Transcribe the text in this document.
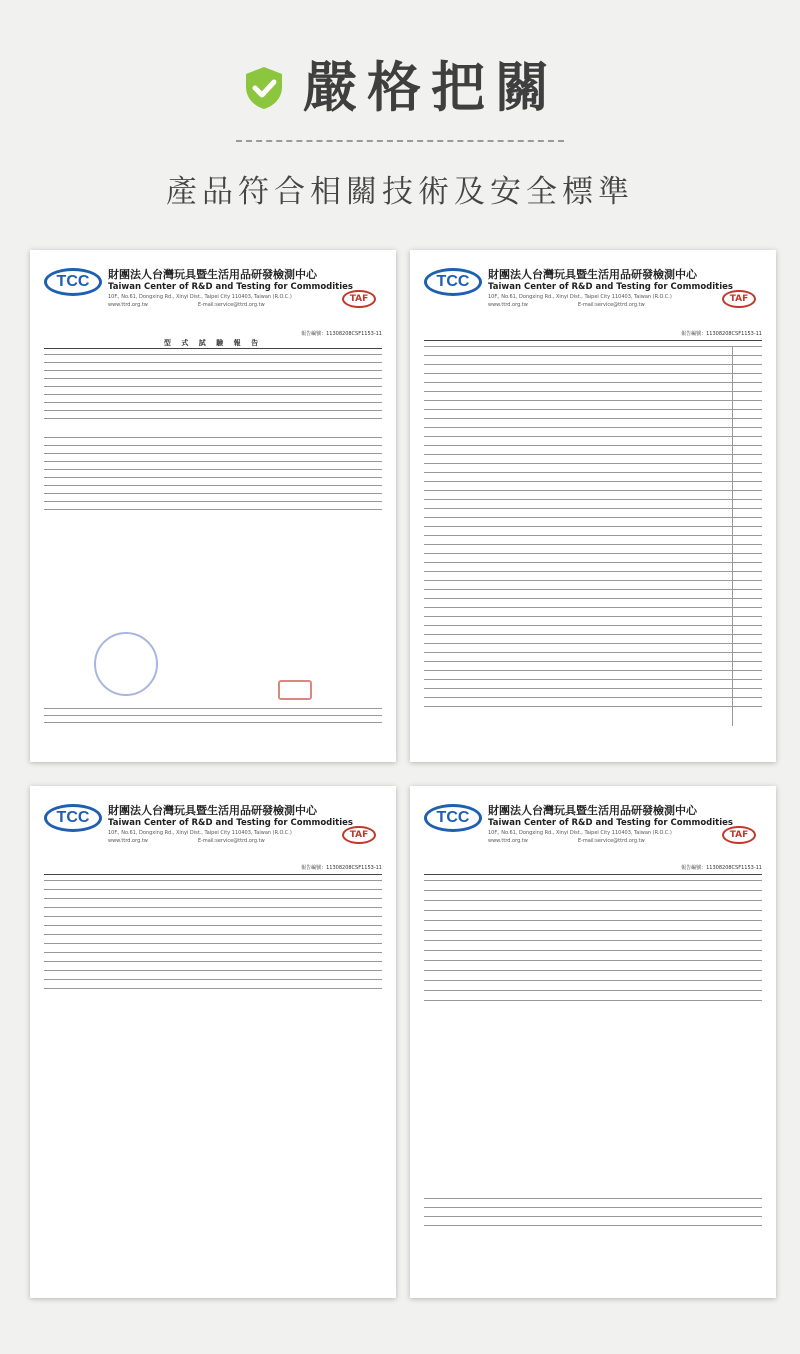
嚴格把關
產品符合相關技術及安全標準
TCC	財團法人台灣玩具暨生活用品研發檢測中心
Taiwan Center of R&D and Testing for Commodities
10F., No.61, Dongxing Rd., Xinyi Dist., Taipei City 110403, Taiwan (R.O.C.)
www.ttrd.org.tw	E-mail:service@ttrd.org.tw
TAF
報告編號：11308208CSF1153-11
型 式 試 驗 報 告
TCC	財團法人台灣玩具暨生活用品研發檢測中心
Taiwan Center of R&D and Testing for Commodities
10F., No.61, Dongxing Rd., Xinyi Dist., Taipei City 110403, Taiwan (R.O.C.)
www.ttrd.org.tw	E-mail:service@ttrd.org.tw
TAF
報告編號：11308208CSF1153-11
TCC	財團法人台灣玩具暨生活用品研發檢測中心
Taiwan Center of R&D and Testing for Commodities
10F., No.61, Dongxing Rd., Xinyi Dist., Taipei City 110403, Taiwan (R.O.C.)
www.ttrd.org.tw	E-mail:service@ttrd.org.tw
TAF
報告編號：11308208CSF1153-11
TCC	財團法人台灣玩具暨生活用品研發檢測中心
Taiwan Center of R&D and Testing for Commodities
10F., No.61, Dongxing Rd., Xinyi Dist., Taipei City 110403, Taiwan (R.O.C.)
www.ttrd.org.tw	E-mail:service@ttrd.org.tw
TAF
報告編號：11308208CSF1153-11
